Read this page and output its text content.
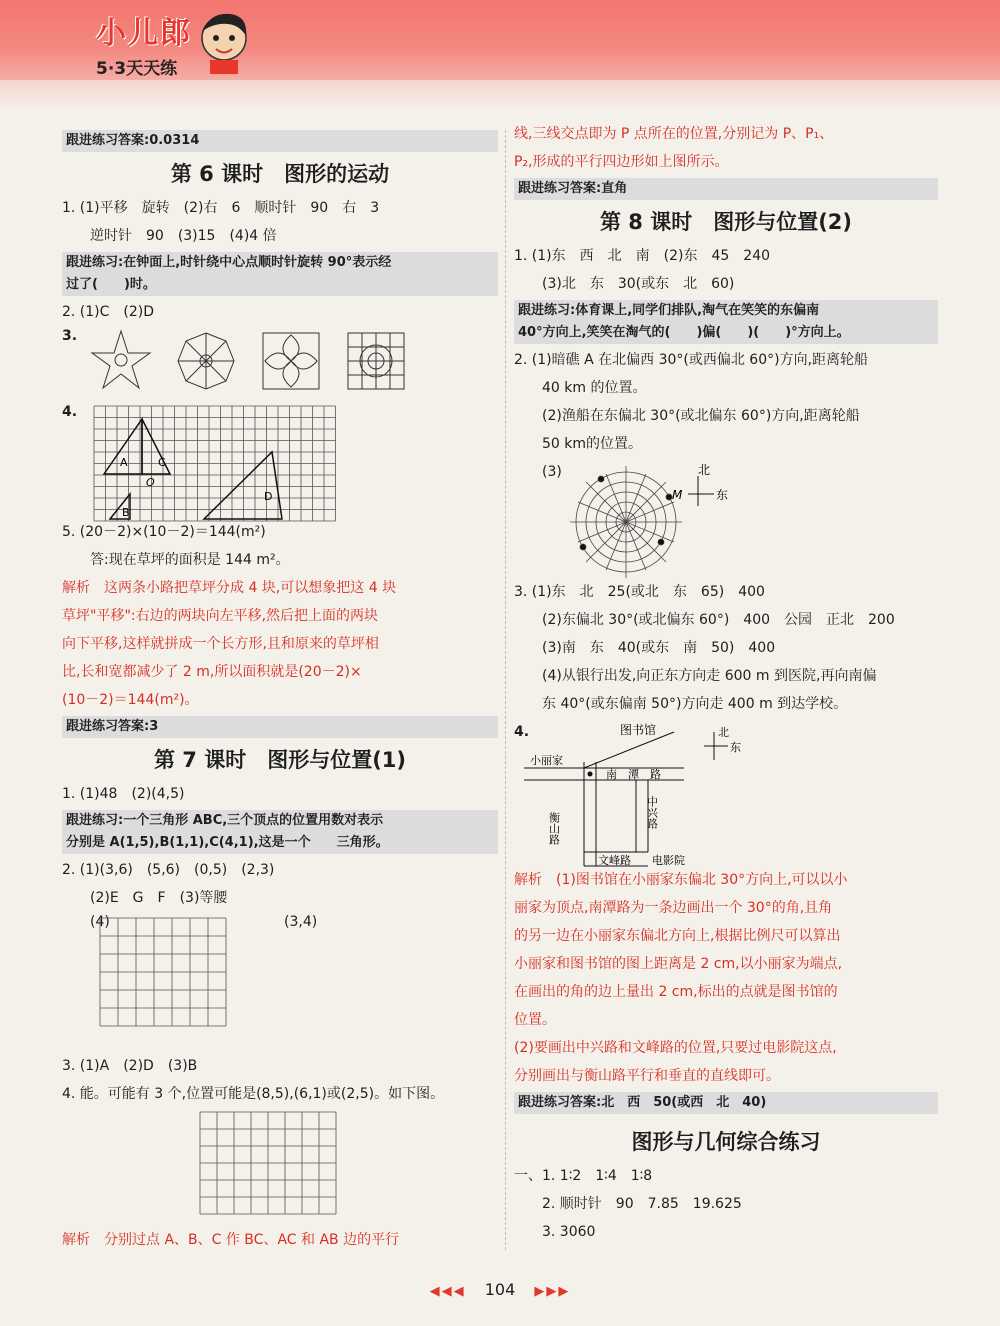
小儿郎
5·3天天练
跟进练习答案:0.0314
第 6 课时　图形的运动
1. (1)平移　旋转　(2)右　6　顺时针　90　右　3
逆时针　90　(3)15　(4)4 倍
跟进练习:在钟面上,时针绕中心点顺时针旋转 90°表示经
过了(　　)时。
2. (1)C　(2)D
3.
4.
A	C
O
B
D
5. (20－2)×(10－2)＝144(m²)
答:现在草坪的面积是 144 m²。
解析　这两条小路把草坪分成 4 块,可以想象把这 4 块
草坪"平移":右边的两块向左平移,然后把上面的两块
向下平移,这样就拼成一个长方形,且和原来的草坪相
比,长和宽都减少了 2 m,所以面积就是(20－2)×
(10－2)＝144(m²)。
跟进练习答案:3
第 7 课时　图形与位置(1)
1. (1)48　(2)(4,5)
跟进练习:一个三角形 ABC,三个顶点的位置用数对表示
分别是 A(1,5),B(1,1),C(4,1),这是一个　　三角形。
2. (1)(3,6)　(5,6)　(0,5)　(2,3)
(2)E　G　F　(3)等腰
(4)	(3,4)
3. (1)A　(2)D　(3)B
4. 能。可能有 3 个,位置可能是(8,5),(6,1)或(2,5)。如下图。
解析　分别过点 A、B、C 作 BC、AC 和 AB 边的平行
线,三线交点即为 P 点所在的位置,分别记为 P、P₁、
P₂,形成的平行四边形如上图所示。
跟进练习答案:直角
第 8 课时　图形与位置(2)
1. (1)东　西　北　南　(2)东　45　240
(3)北　东　30(或东　北　60)
跟进练习:体育课上,同学们排队,淘气在笑笑的东偏南
40°方向上,笑笑在淘气的(　　)偏(　　)(　　)°方向上。
2. (1)暗礁 A 在北偏西 30°(或西偏北 60°)方向,距离轮船
40 km 的位置。
(2)渔船在东偏北 30°(或北偏东 60°)方向,距离轮船
50 km的位置。
(3)	北
东
M
3. (1)东　北　25(或北　东　65)　400
(2)东偏北 30°(或北偏东 60°)　400　公园　正北　200
(3)南　东　40(或东　南　50)　400
(4)从银行出发,向正东方向走 600 m 到医院,再向南偏
东 40°(或东偏南 50°)方向走 400 m 到达学校。
4.	图书馆
小丽家
南　潭　路
衡山路	中兴路
文峰路 电影院
北
东
解析　(1)图书馆在小丽家东偏北 30°方向上,可以以小
丽家为顶点,南潭路为一条边画出一个 30°的角,且角
的另一边在小丽家东偏北方向上,根据比例尺可以算出
小丽家和图书馆的图上距离是 2 cm,以小丽家为端点,
在画出的角的边上量出 2 cm,标出的点就是图书馆的
位置。
(2)要画出中兴路和文峰路的位置,只要过电影院这点,
分别画出与衡山路平行和垂直的直线即可。
跟进练习答案:北　西　50(或西　北　40)
图形与几何综合练习
一、1. 1∶2　1∶4　1∶8
2. 顺时针　90　7.85　19.625
3. 3060
◀◀◀ 104 ▶▶▶
